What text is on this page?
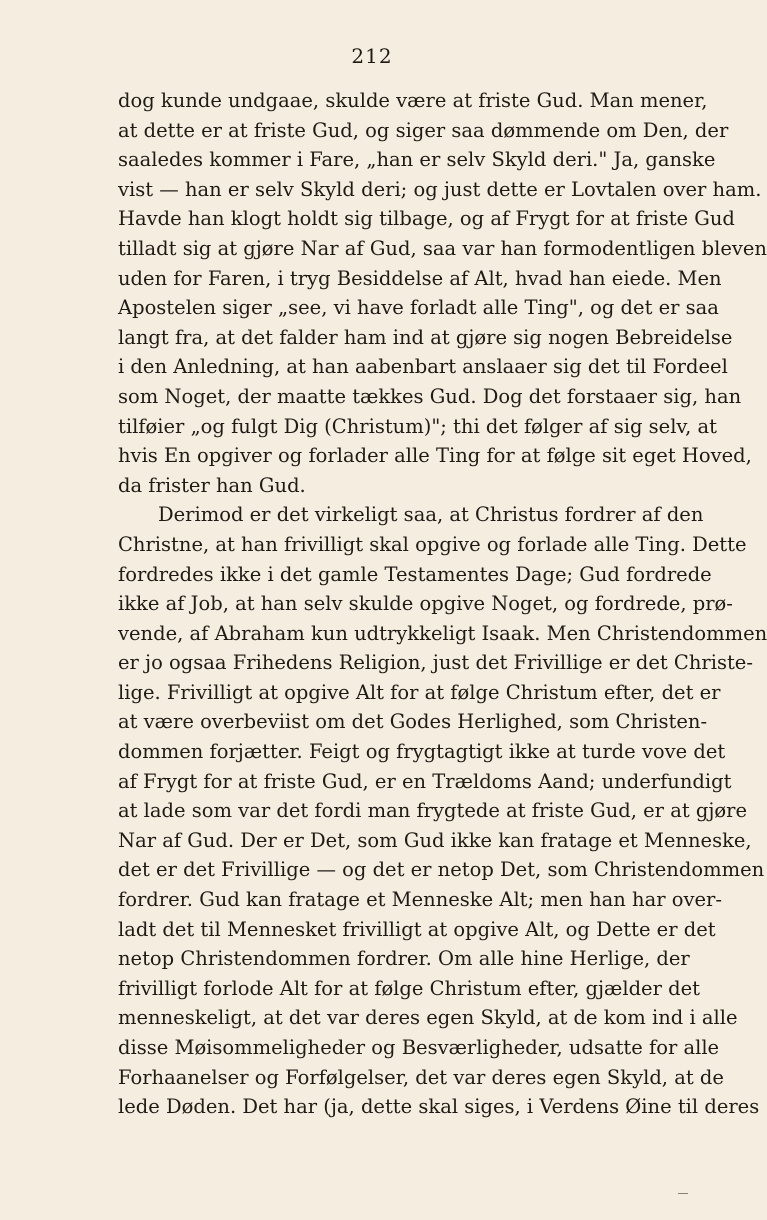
212
dog kunde undgaae, skulde være at friste Gud. Man mener,
at dette er at friste Gud, og siger saa dømmende om Den, der
saaledes kommer i Fare, „han er selv Skyld deri." Ja, ganske
vist — han er selv Skyld deri; og just dette er Lovtalen over ham.
Havde han klogt holdt sig tilbage, og af Frygt for at friste Gud
tilladt sig at gjøre Nar af Gud, saa var han formodentligen bleven
uden for Faren, i tryg Besiddelse af Alt, hvad han eiede. Men
Apostelen siger „see, vi have forladt alle Ting", og det er saa
langt fra, at det falder ham ind at gjøre sig nogen Bebreidelse
i den Anledning, at han aabenbart anslaaer sig det til Fordeel
som Noget, der maatte tækkes Gud. Dog det forstaaer sig, han
tilføier „og fulgt Dig (Christum)"; thi det følger af sig selv, at
hvis En opgiver og forlader alle Ting for at følge sit eget Hoved,
da frister han Gud.
Derimod er det virkeligt saa, at Christus fordrer af den
Christne, at han frivilligt skal opgive og forlade alle Ting. Dette
fordredes ikke i det gamle Testamentes Dage; Gud fordrede
ikke af Job, at han selv skulde opgive Noget, og fordrede, prø-
vende, af Abraham kun udtrykkeligt Isaak. Men Christendommen
er jo ogsaa Frihedens Religion, just det Frivillige er det Christe-
lige. Frivilligt at opgive Alt for at følge Christum efter, det er
at være overbeviist om det Godes Herlighed, som Christen-
dommen forjætter. Feigt og frygtagtigt ikke at turde vove det
af Frygt for at friste Gud, er en Trældoms Aand; underfundigt
at lade som var det fordi man frygtede at friste Gud, er at gjøre
Nar af Gud. Der er Det, som Gud ikke kan fratage et Menneske,
det er det Frivillige — og det er netop Det, som Christendommen
fordrer. Gud kan fratage et Menneske Alt; men han har over-
ladt det til Mennesket frivilligt at opgive Alt, og Dette er det
netop Christendommen fordrer. Om alle hine Herlige, der
frivilligt forlode Alt for at følge Christum efter, gjælder det
menneskeligt, at det var deres egen Skyld, at de kom ind i alle
disse Møisommeligheder og Besværligheder, udsatte for alle
Forhaanelser og Forfølgelser, det var deres egen Skyld, at de
lede Døden. Det har (ja, dette skal siges, i Verdens Øine til deres
